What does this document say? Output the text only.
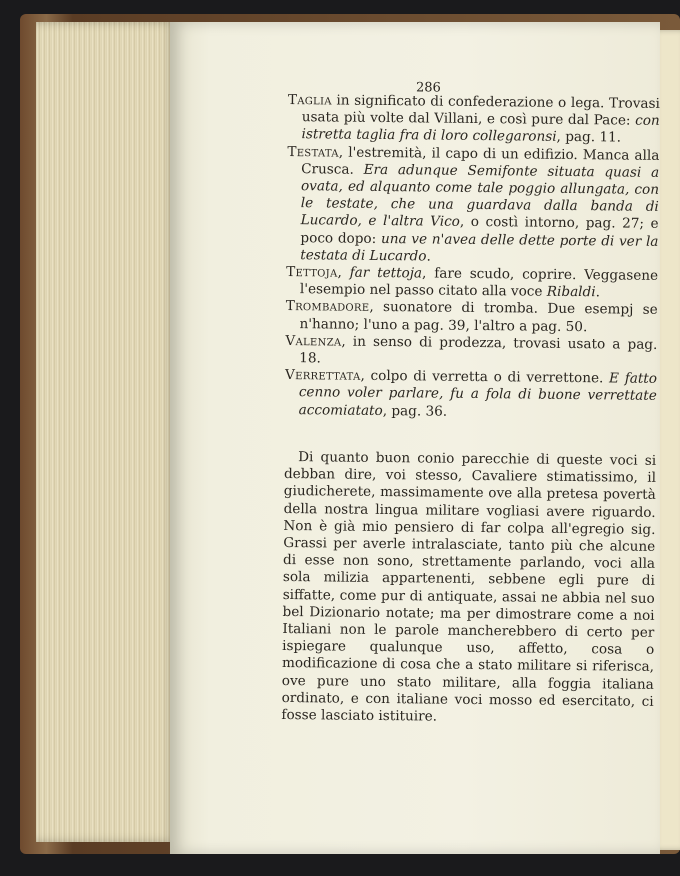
286
Taglia in significato di confederazione o lega. Trovasi usata più volte dal Villani, e così pure dal Pace: con istretta taglia fra di loro collegaronsi, pag. 11.
Testata, l'estremità, il capo di un edifizio. Manca alla Crusca. Era adunque Semifonte situata quasi a ovata, ed alquanto come tale poggio allungata, con le testate, che una guardava dalla banda di Lucardo, e l'altra Vico, o costì intorno, pag. 27; e poco dopo: una ve n'avea delle dette porte di ver la testata di Lucardo.
Tettoja, far tettoja, fare scudo, coprire. Veggasene l'esempio nel passo citato alla voce Ribaldi.
Trombadore, suonatore di tromba. Due esempj se n'hanno; l'uno a pag. 39, l'altro a pag. 50.
Valenza, in senso di prodezza, trovasi usato a pag. 18.
Verrettata, colpo di verretta o di verrettone. E fatto cenno voler parlare, fu a fola di buone verrettate accomiatato, pag. 36.

Di quanto buon conio parecchie di queste voci si debban dire, voi stesso, Cavaliere stimatissimo, il giudicherete, massimamente ove alla pretesa povertà della nostra lingua militare vogliasi avere riguardo. Non è già mio pensiero di far colpa all'egregio sig. Grassi per averle intralasciate, tanto più che alcune di esse non sono, strettamente parlando, voci alla sola milizia appartenenti, sebbene egli pure di siffatte, come pur di antiquate, assai ne abbia nel suo bel Dizionario notate; ma per dimostrare come a noi Italiani non le parole mancherebbero di certo per ispiegare qualunque uso, affetto, cosa o modificazione di cosa che a stato militare si riferisca, ove pure uno stato militare, alla foggia italiana ordinato, e con italiane voci mosso ed esercitato, ci fosse lasciato istituire.
